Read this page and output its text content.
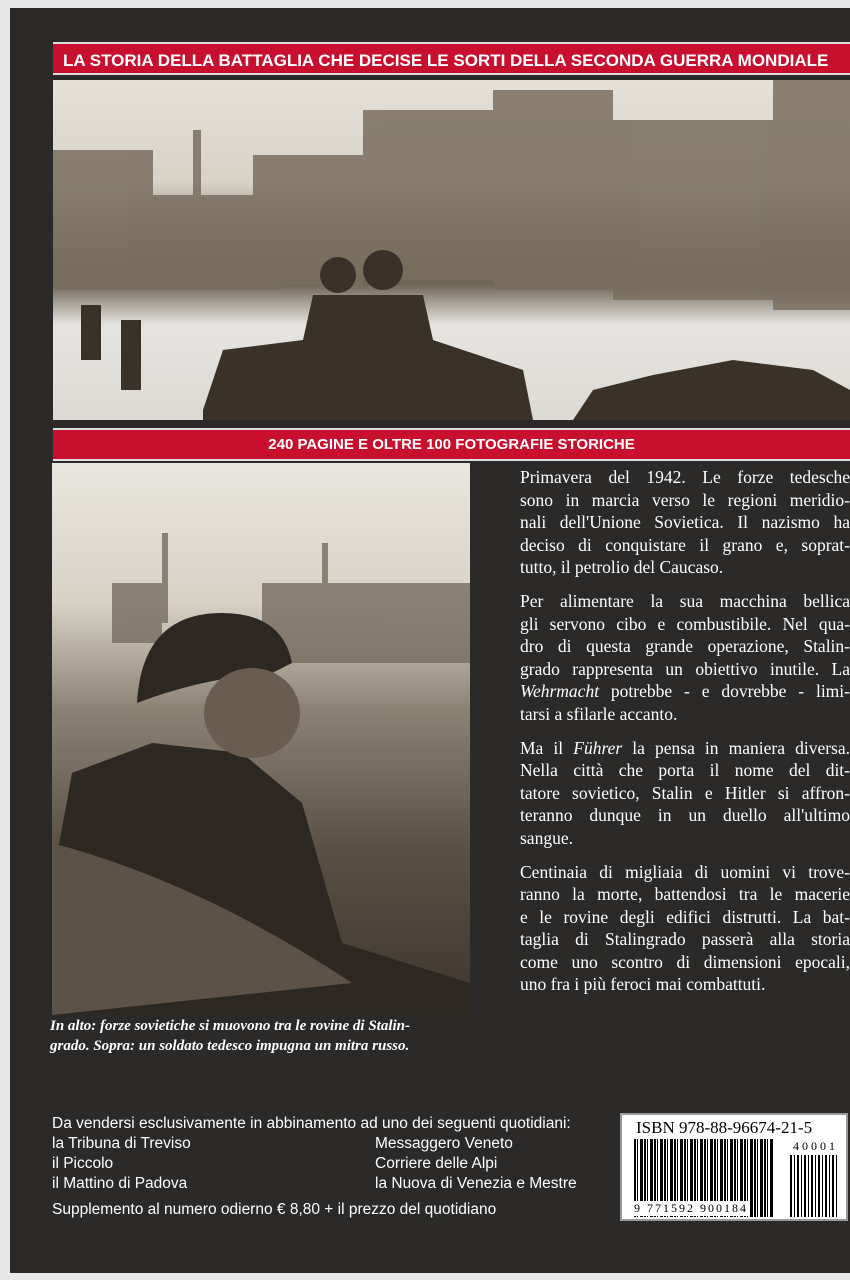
LA STORIA DELLA BATTAGLIA CHE DECISE LE SORTI DELLA SECONDA GUERRA MONDIALE
240 PAGINE E OLTRE 100 FOTOGRAFIE STORICHE
In alto: forze sovietiche si muovono tra le rovine di Stalin-
grado. Sopra: un soldato tedesco impugna un mitra russo.

Primavera del 1942. Le forze tedesche
sono in marcia verso le regioni meridio-
nali dell'Unione Sovietica. Il nazismo ha
deciso di conquistare il grano e, soprat-
tutto, il petrolio del Caucaso.

Per alimentare la sua macchina bellica
gli servono cibo e combustibile. Nel qua-
dro di questa grande operazione, Stalin-
grado rappresenta un obiettivo inutile. La
Wehrmacht potrebbe - e dovrebbe - limi-
tarsi a sfilarle accanto.

Ma il Führer la pensa in maniera diversa.
Nella città che porta il nome del dit-
tatore sovietico, Stalin e Hitler si affron-
teranno dunque in un duello all'ultimo
sangue.

Centinaia di migliaia di uomini vi trove-
ranno la morte, battendosi tra le macerie
e le rovine degli edifici distrutti. La bat-
taglia di Stalingrado passerà alla storia
come uno scontro di dimensioni epocali,
uno fra i più feroci mai combattuti.

Da vendersi esclusivamente in abbinamento ad uno dei seguenti quotidiani:
la Tribuna di Treviso	Messaggero Veneto
il Piccolo	Corriere delle Alpi
il Mattino di Padova	la Nuova di Venezia e Mestre
Supplemento al numero odierno € 8,80 + il prezzo del quotidiano
ISBN 978-88-96674-21-5
40001
9 771592 900184
